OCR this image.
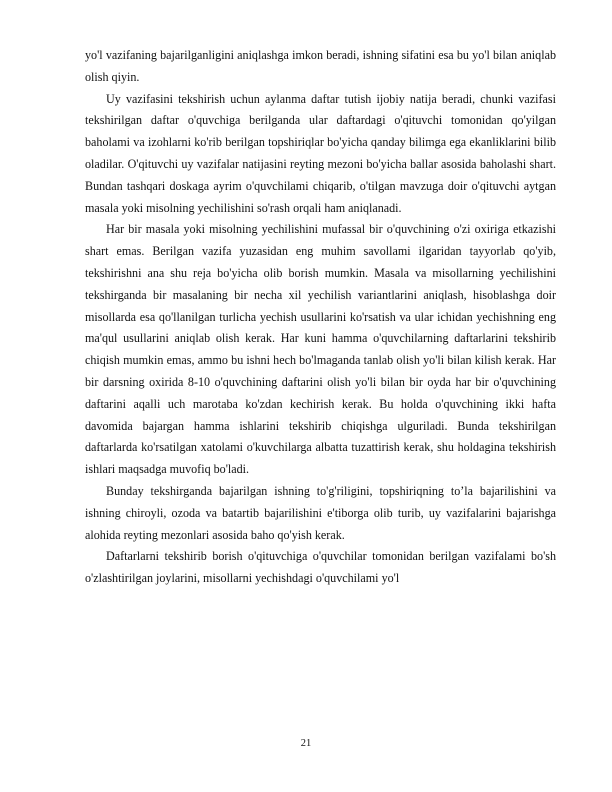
yo'l vazifaning bajarilganligini aniqlashga imkon beradi, ishning sifatini esa bu yo'l bilan aniqlab olish qiyin.

Uy vazifasini tekshirish uchun aylanma daftar tutish ijobiy natija beradi, chunki vazifasi tekshirilgan daftar o'quvchiga berilganda ular daftardagi o'qituvchi tomonidan qo'yilgan baholami va izohlarni ko'rib berilgan topshiriqlar bo'yicha qanday bilimga ega ekanliklarini bilib oladilar. O'qituvchi uy vazifalar natijasini reyting mezoni bo'yicha ballar asosida baholashi shart. Bundan tashqari doskaga ayrim o'quvchilami chiqarib, o'tilgan mavzuga doir o'qituvchi aytgan masala yoki misolning yechilishini so'rash orqali ham aniqlanadi.

Har bir masala yoki misolning yechilishini mufassal bir o'quvchining o'zi oxiriga etkazishi shart emas. Berilgan vazifa yuzasidan eng muhim savollami ilgaridan tayyorlab qo'yib, tekshirishni ana shu reja bo'yicha olib borish mumkin. Masala va misollarning yechilishini tekshirganda bir masalaning bir necha xil yechilish variantlarini aniqlash, hisoblashga doir misollarda esa qo'llanilgan turlicha yechish usullarini ko'rsatish va ular ichidan yechishning eng ma'qul usullarini aniqlab olish kerak. Har kuni hamma o'quvchilarning daftarlarini tekshirib chiqish mumkin emas, ammo bu ishni hech bo'lmaganda tanlab olish yo'li bilan kilish kerak. Har bir darsning oxirida 8-10 o'quvchining daftarini olish yo'li bilan bir oyda har bir o'quvchining daftarini aqalli uch marotaba ko'zdan kechirish kerak. Bu holda o'quvchining ikki hafta davomida bajargan hamma ishlarini tekshirib chiqishga ulguriladi. Bunda tekshirilgan daftarlarda ko'rsatilgan xatolami o'kuvchilarga albatta tuzattirish kerak, shu holdagina tekshirish ishlari maqsadga muvofiq bo'ladi.

Bunday tekshirganda bajarilgan ishning to'g'riligini, topshiriqning to’la bajarilishini va ishning chiroyli, ozoda va batartib bajarilishini e'tiborga olib turib, uy vazifalarini bajarishga alohida reyting mezonlari asosida baho qo'yish kerak.

Daftarlarni tekshirib borish o'qituvchiga o'quvchilar tomonidan berilgan vazifalami bo'sh o'zlashtirilgan joylarini, misollarni yechishdagi o'quvchilami yo'l

21
